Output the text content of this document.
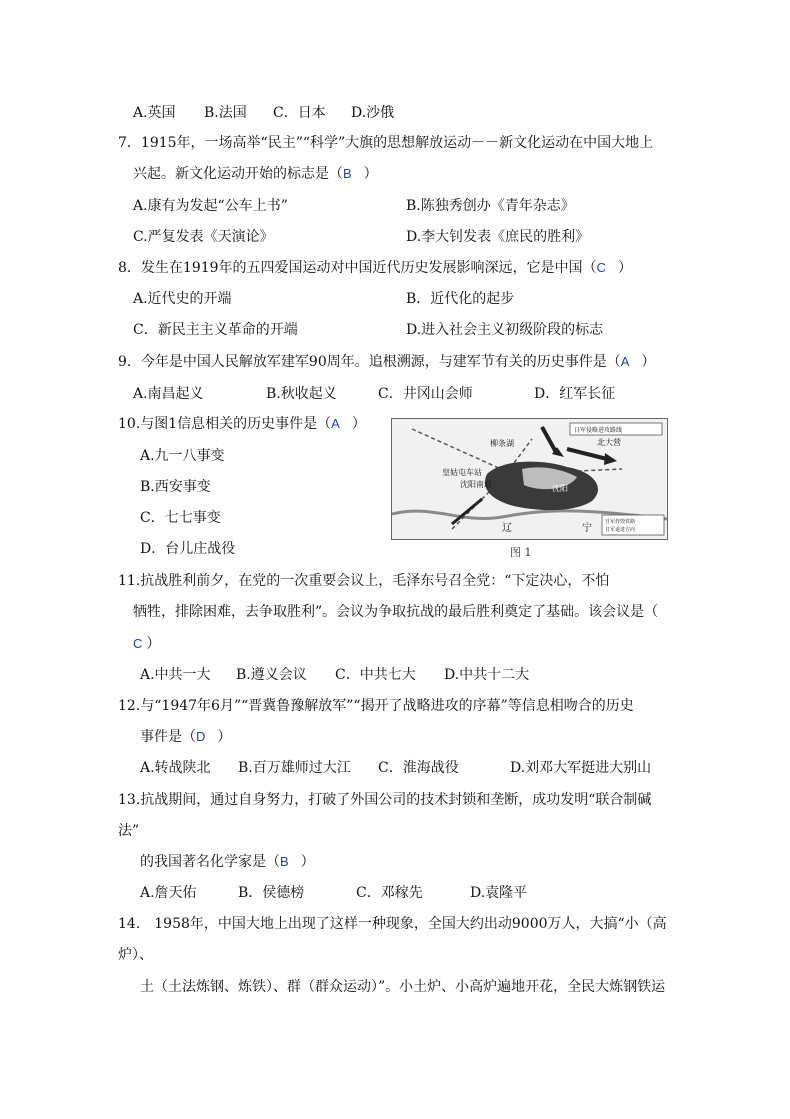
A.英国 B.法国 C．日本 D.沙俄
7．1915年，一场高举“民主”“科学”大旗的思想解放运动－－新文化运动在中国大地上
兴起。新文化运动开始的标志是（B ）
A.康有为发起“公车上书”	B.陈独秀创办《青年杂志》
C.严复发表《天演论》	D.李大钊发表《庶民的胜利》
8．发生在1919年的五四爱国运动对中国近代历史发展影响深远，它是中国（C ）
A.近代史的开端	B．近代化的起步
C．新民主主义革命的开端	D.进入社会主义初级阶段的标志
9．今年是中国人民解放军建军90周年。追根溯源，与建军节有关的历史事件是（A ）
A.南昌起义	B.秋收起义	C．井冈山会师	D．红军长征
10.与图1信息相关的历史事件是（A ）
A.九一八事变
B.西安事变
C．七七事变
D．台儿庄战役
柳条湖
沈阳
沈阳南站
皇姑屯车站
北大营
辽	宁
日军侵略进攻路线
日军炸毁铁路
日军退进方向
图 1
11.抗战胜利前夕，在党的一次重要会议上，毛泽东号召全党：“下定决心，不怕
牺牲，排除困难，去争取胜利”。会议为争取抗战的最后胜利奠定了基础。该会议是（
C ）
A.中共一大 B.遵义会议 C．中共七大 D.中共十二大
12.与“1947年6月”“晋冀鲁豫解放军”“揭开了战略进攻的序幕”等信息相吻合的历史
事件是（D ）
A.转战陕北 B.百万雄师过大江 C．淮海战役	D.刘邓大军挺进大别山
13.抗战期间，通过自身努力，打破了外国公司的技术封锁和垄断，成功发明“联合制碱
法”
的我国著名化学家是（B ）
A.詹天佑	B．侯德榜	C．邓稼先	D.袁隆平
14.　1958年，中国大地上出现了这样一种现象，全国大约出动9000万人，大搞“小（高
炉）、
土（土法炼钢、炼铁）、群（群众运动）”。小土炉、小高炉遍地开花，全民大炼钢铁运
